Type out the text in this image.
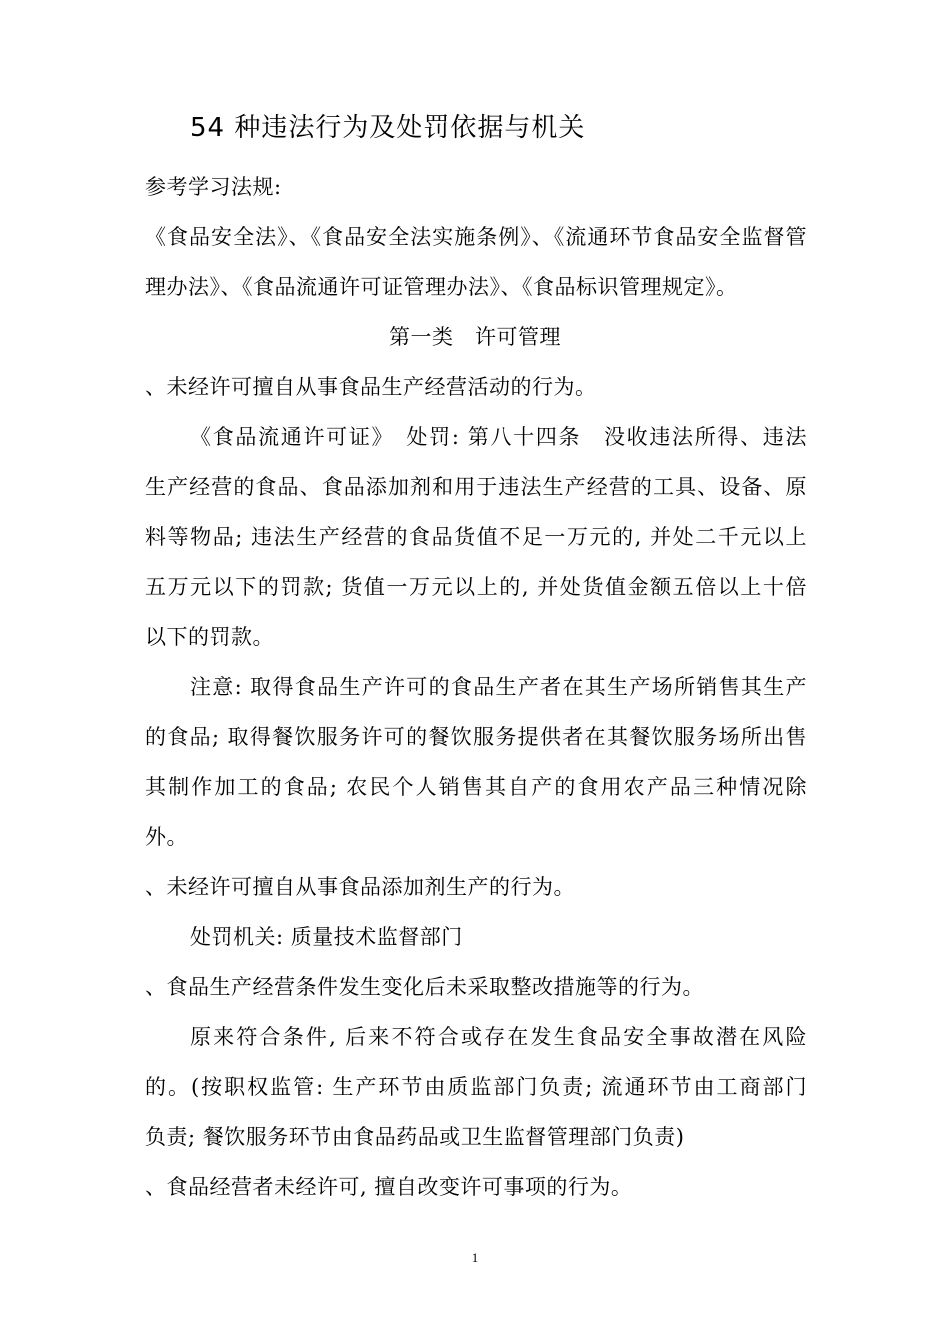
54 种违法行为及处罚依据与机关
参考学习法规:
《食品安全法》、《食品安全法实施条例》、《流通环节食品安全监督管
理办法》、《食品流通许可证管理办法》、《食品标识管理规定》。
第一类　许可管理
、未经许可擅自从事食品生产经营活动的行为。
《食品流通许可证》　处罚: 第八十四条　没收违法所得、违法
生产经营的食品、食品添加剂和用于违法生产经营的工具、设备、原
料等物品; 违法生产经营的食品货值不足一万元的, 并处二千元以上
五万元以下的罚款; 货值一万元以上的, 并处货值金额五倍以上十倍
以下的罚款。
注意: 取得食品生产许可的食品生产者在其生产场所销售其生产
的食品; 取得餐饮服务许可的餐饮服务提供者在其餐饮服务场所出售
其制作加工的食品; 农民个人销售其自产的食用农产品三种情况除
外。
、未经许可擅自从事食品添加剂生产的行为。
处罚机关: 质量技术监督部门
、食品生产经营条件发生变化后未采取整改措施等的行为。
原来符合条件, 后来不符合或存在发生食品安全事故潜在风险
的。(按职权监管: 生产环节由质监部门负责; 流通环节由工商部门
负责; 餐饮服务环节由食品药品或卫生监督管理部门负责)
、食品经营者未经许可, 擅自改变许可事项的行为。
1
